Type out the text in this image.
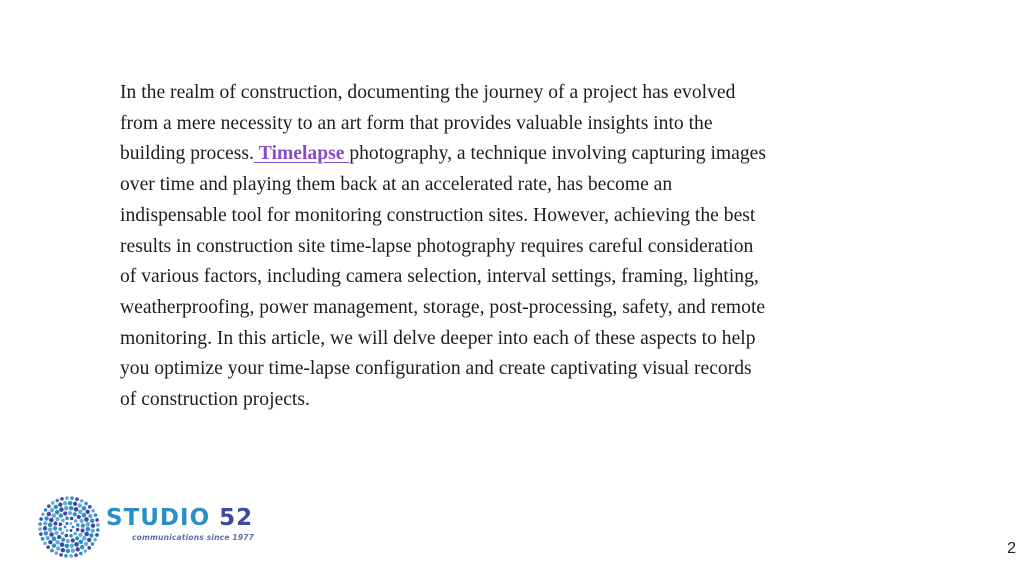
In the realm of construction, documenting the journey of a project has evolved
from a mere necessity to an art form that provides valuable insights into the
building process. Timelapse photography, a technique involving capturing images
over time and playing them back at an accelerated rate, has become an
indispensable tool for monitoring construction sites. However, achieving the best
results in construction site time-lapse photography requires careful consideration
of various factors, including camera selection, interval settings, framing, lighting,
weatherproofing, power management, storage, post-processing, safety, and remote
monitoring. In this article, we will delve deeper into each of these aspects to help
you optimize your time-lapse configuration and create captivating visual records
of construction projects.

STUDIO 52
communications since 1977
2
